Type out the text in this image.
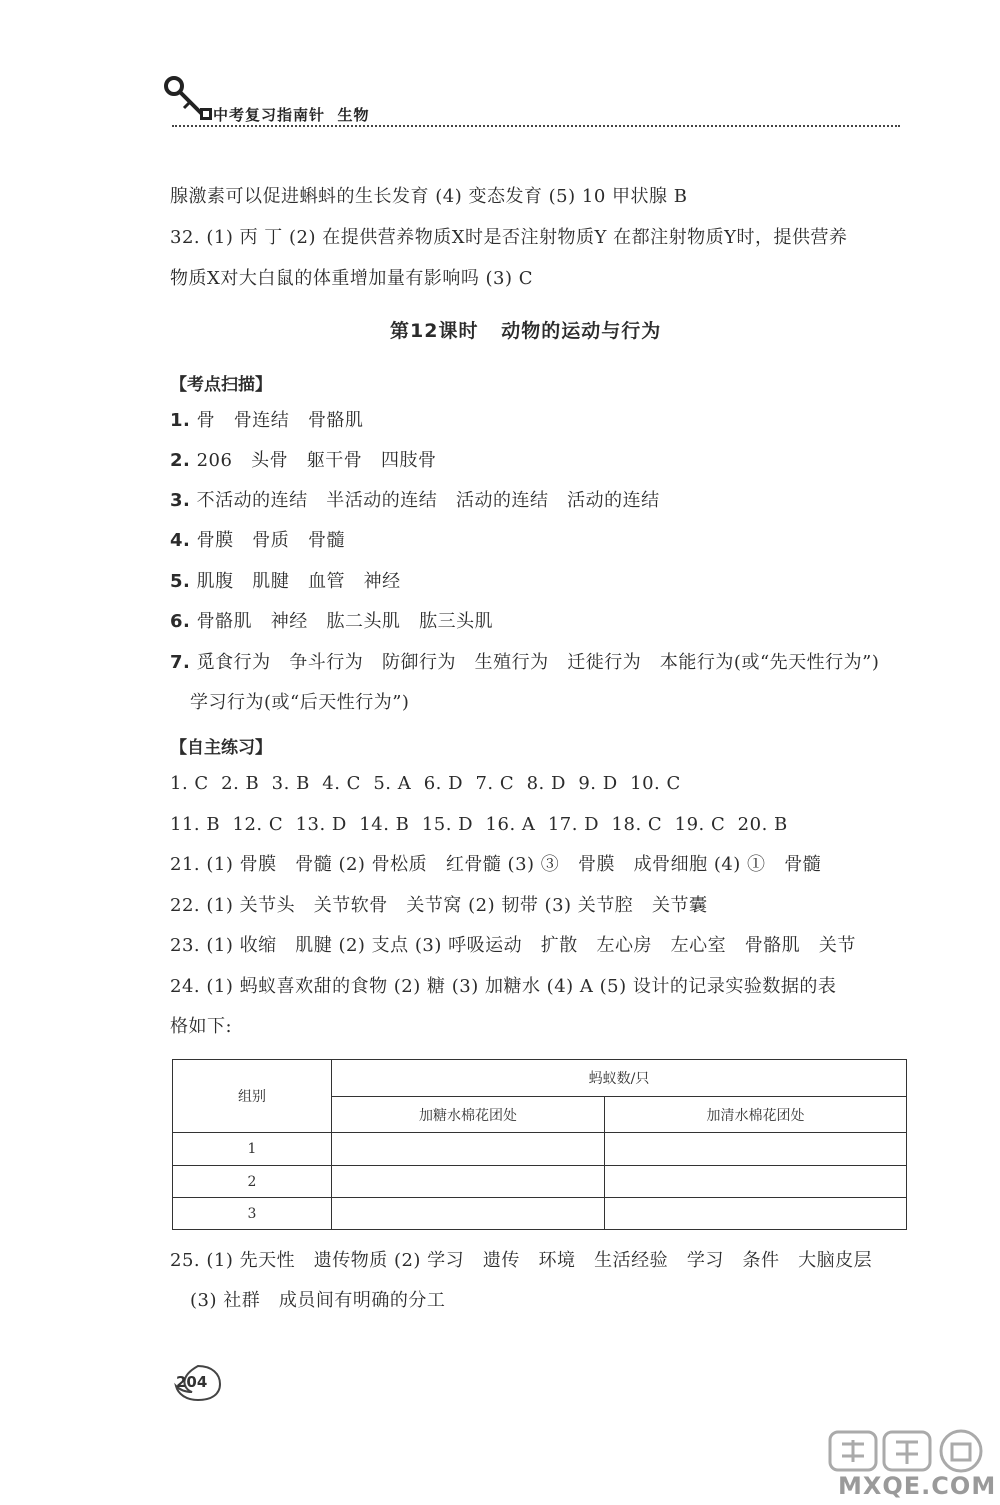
中考复习指南针  生物
腺激素可以促进蝌蚪的生长发育 (4) 变态发育 (5) 10 甲状腺 B
32. (1) 丙 丁 (2) 在提供营养物质X时是否注射物质Y 在都注射物质Y时，提供营养
物质X对大白鼠的体重增加量有影响吗 (3) C
第12课时   动物的运动与行为
【考点扫描】
1. 骨   骨连结   骨骼肌
2. 206   头骨   躯干骨   四肢骨
3. 不活动的连结   半活动的连结   活动的连结   活动的连结
4. 骨膜   骨质   骨髓
5. 肌腹   肌腱   血管   神经
6. 骨骼肌   神经   肱二头肌   肱三头肌
7. 觅食行为   争斗行为   防御行为   生殖行为   迁徙行为   本能行为(或“先天性行为”)
学习行为(或“后天性行为”)
【自主练习】
1. C  2. B  3. B  4. C  5. A  6. D  7. C  8. D  9. D  10. C
11. B  12. C  13. D  14. B  15. D  16. A  17. D  18. C  19. C  20. B
21. (1) 骨膜   骨髓 (2) 骨松质   红骨髓 (3) ③   骨膜   成骨细胞 (4) ①   骨髓
22. (1) 关节头   关节软骨   关节窝 (2) 韧带 (3) 关节腔   关节囊
23. (1) 收缩   肌腱 (2) 支点 (3) 呼吸运动   扩散   左心房   左心室   骨骼肌   关节
24. (1) 蚂蚁喜欢甜的食物 (2) 糖 (3) 加糖水 (4) A (5) 设计的记录实验数据的表
格如下:
组别	蚂蚁数/只	
	加糖水棉花团处	加清水棉花团处
1		
2		
3		
25. (1) 先天性   遗传物质 (2) 学习   遗传   环境   生活经验   学习   条件   大脑皮层
(3) 社群   成员间有明确的分工
204
MXQE.COM
